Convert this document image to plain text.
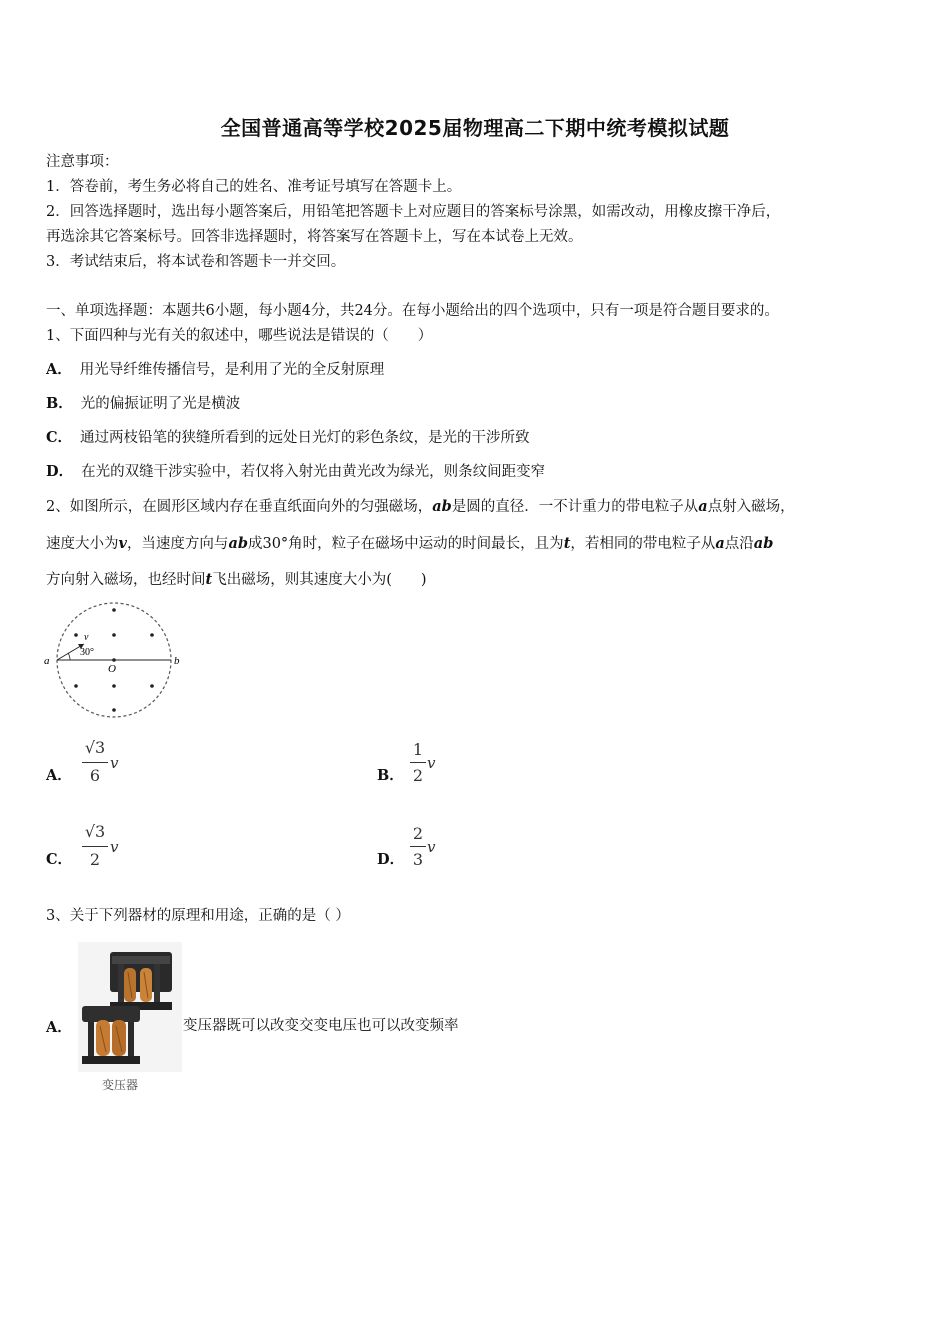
全国普通高等学校2025届物理高二下期中统考模拟试题
注意事项：
1．答卷前，考生务必将自己的姓名、准考证号填写在答题卡上。
2．回答选择题时，选出每小题答案后，用铅笔把答题卡上对应题目的答案标号涂黑，如需改动，用橡皮擦干净后，
再选涂其它答案标号。回答非选择题时，将答案写在答题卡上，写在本试卷上无效。
3．考试结束后，将本试卷和答题卡一并交回。
一、单项选择题：本题共6小题，每小题4分，共24分。在每小题给出的四个选项中，只有一项是符合题目要求的。
1、下面四种与光有关的叙述中，哪些说法是错误的（　　）
A． 用光导纤维传播信号，是利用了光的全反射原理
B． 光的偏振证明了光是横波
C． 通过两枝铅笔的狭缝所看到的远处日光灯的彩色条纹，是光的干涉所致
D． 在光的双缝干涉实验中，若仅将入射光由黄光改为绿光，则条纹间距变窄
2、如图所示，在圆形区域内存在垂直纸面向外的匀强磁场，ab是圆的直径．一不计重力的带电粒子从a点射入磁场，
速度大小为v，当速度方向与ab成30°角时，粒子在磁场中运动的时间最长，且为t，若相同的带电粒子从a点沿ab
方向射入磁场，也经时间t飞出磁场，则其速度大小为(　　)
a	b
O
v
30°
A．
√3
6
v
B．
1
2
v
C．
√3
2
v
D．
2
3
v
3、关于下列器材的原理和用途，正确的是（ ）
A．
变压器
变压器既可以改变交变电压也可以改变频率
